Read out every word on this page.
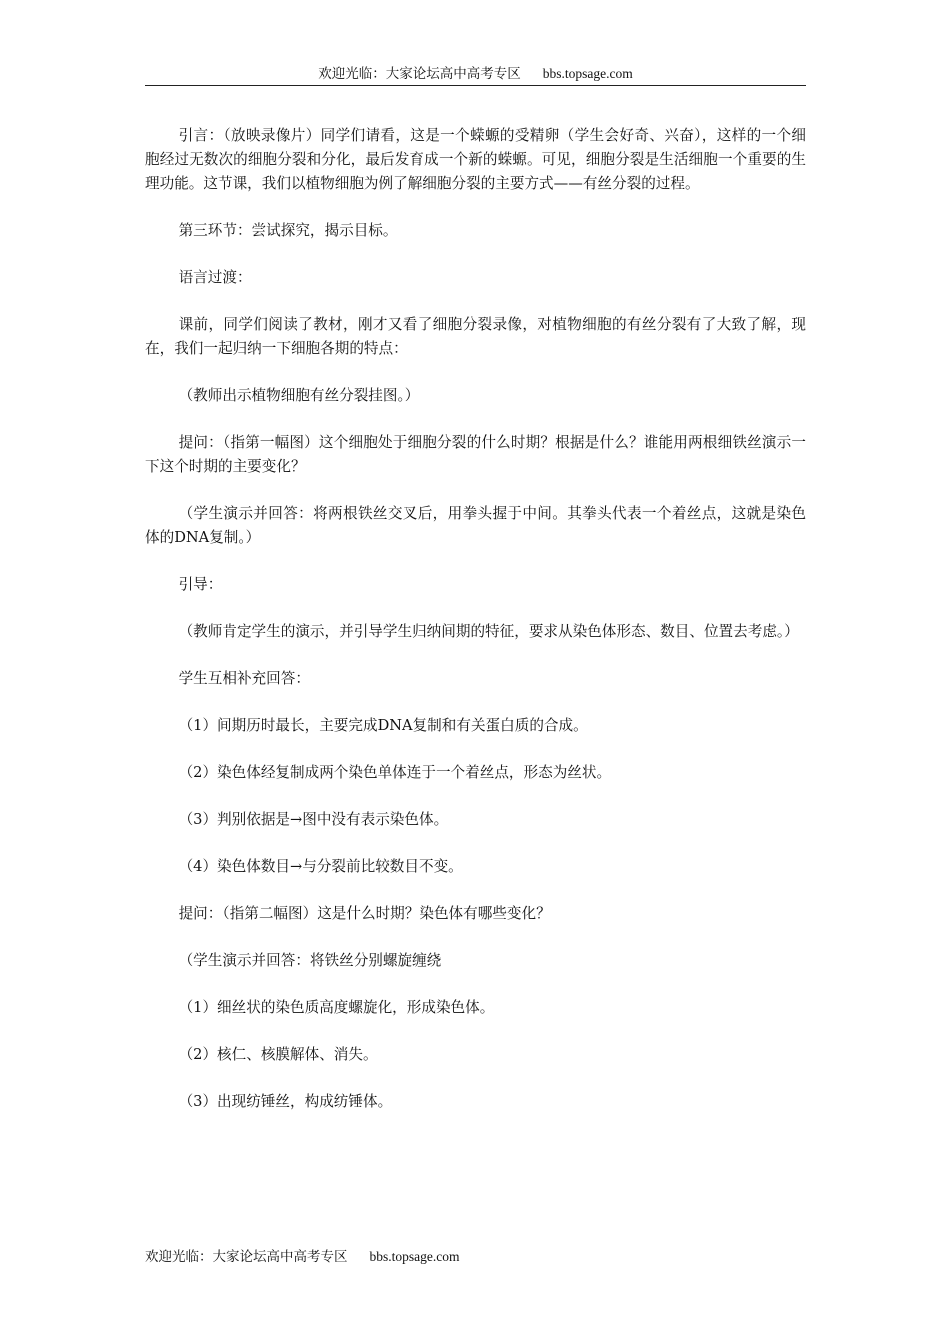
欢迎光临：大家论坛高中高考专区 bbs.topsage.com

引言：（放映录像片）同学们请看，这是一个蝾螈的受精卵（学生会好奇、兴奋），这样的一个细胞经过无数次的细胞分裂和分化，最后发育成一个新的蝾螈。可见，细胞分裂是生活细胞一个重要的生理功能。这节课，我们以植物细胞为例了解细胞分裂的主要方式——有丝分裂的过程。

第三环节：尝试探究，揭示目标。

语言过渡：

课前，同学们阅读了教材，刚才又看了细胞分裂录像，对植物细胞的有丝分裂有了大致了解，现在，我们一起归纳一下细胞各期的特点：

（教师出示植物细胞有丝分裂挂图。）

提问：（指第一幅图）这个细胞处于细胞分裂的什么时期？根据是什么？谁能用两根细铁丝演示一下这个时期的主要变化？

（学生演示并回答：将两根铁丝交叉后，用拳头握于中间。其拳头代表一个着丝点，这就是染色体的DNA复制。）

引导：

（教师肯定学生的演示，并引导学生归纳间期的特征，要求从染色体形态、数目、位置去考虑。）

学生互相补充回答：

（1）间期历时最长，主要完成DNA复制和有关蛋白质的合成。

（2）染色体经复制成两个染色单体连于一个着丝点，形态为丝状。

（3）判别依据是→图中没有表示染色体。

（4）染色体数目→与分裂前比较数目不变。

提问：（指第二幅图）这是什么时期？染色体有哪些变化？

（学生演示并回答：将铁丝分别螺旋缠绕

（1）细丝状的染色质高度螺旋化，形成染色体。

（2）核仁、核膜解体、消失。

（3）出现纺锤丝，构成纺锤体。

欢迎光临：大家论坛高中高考专区 bbs.topsage.com
